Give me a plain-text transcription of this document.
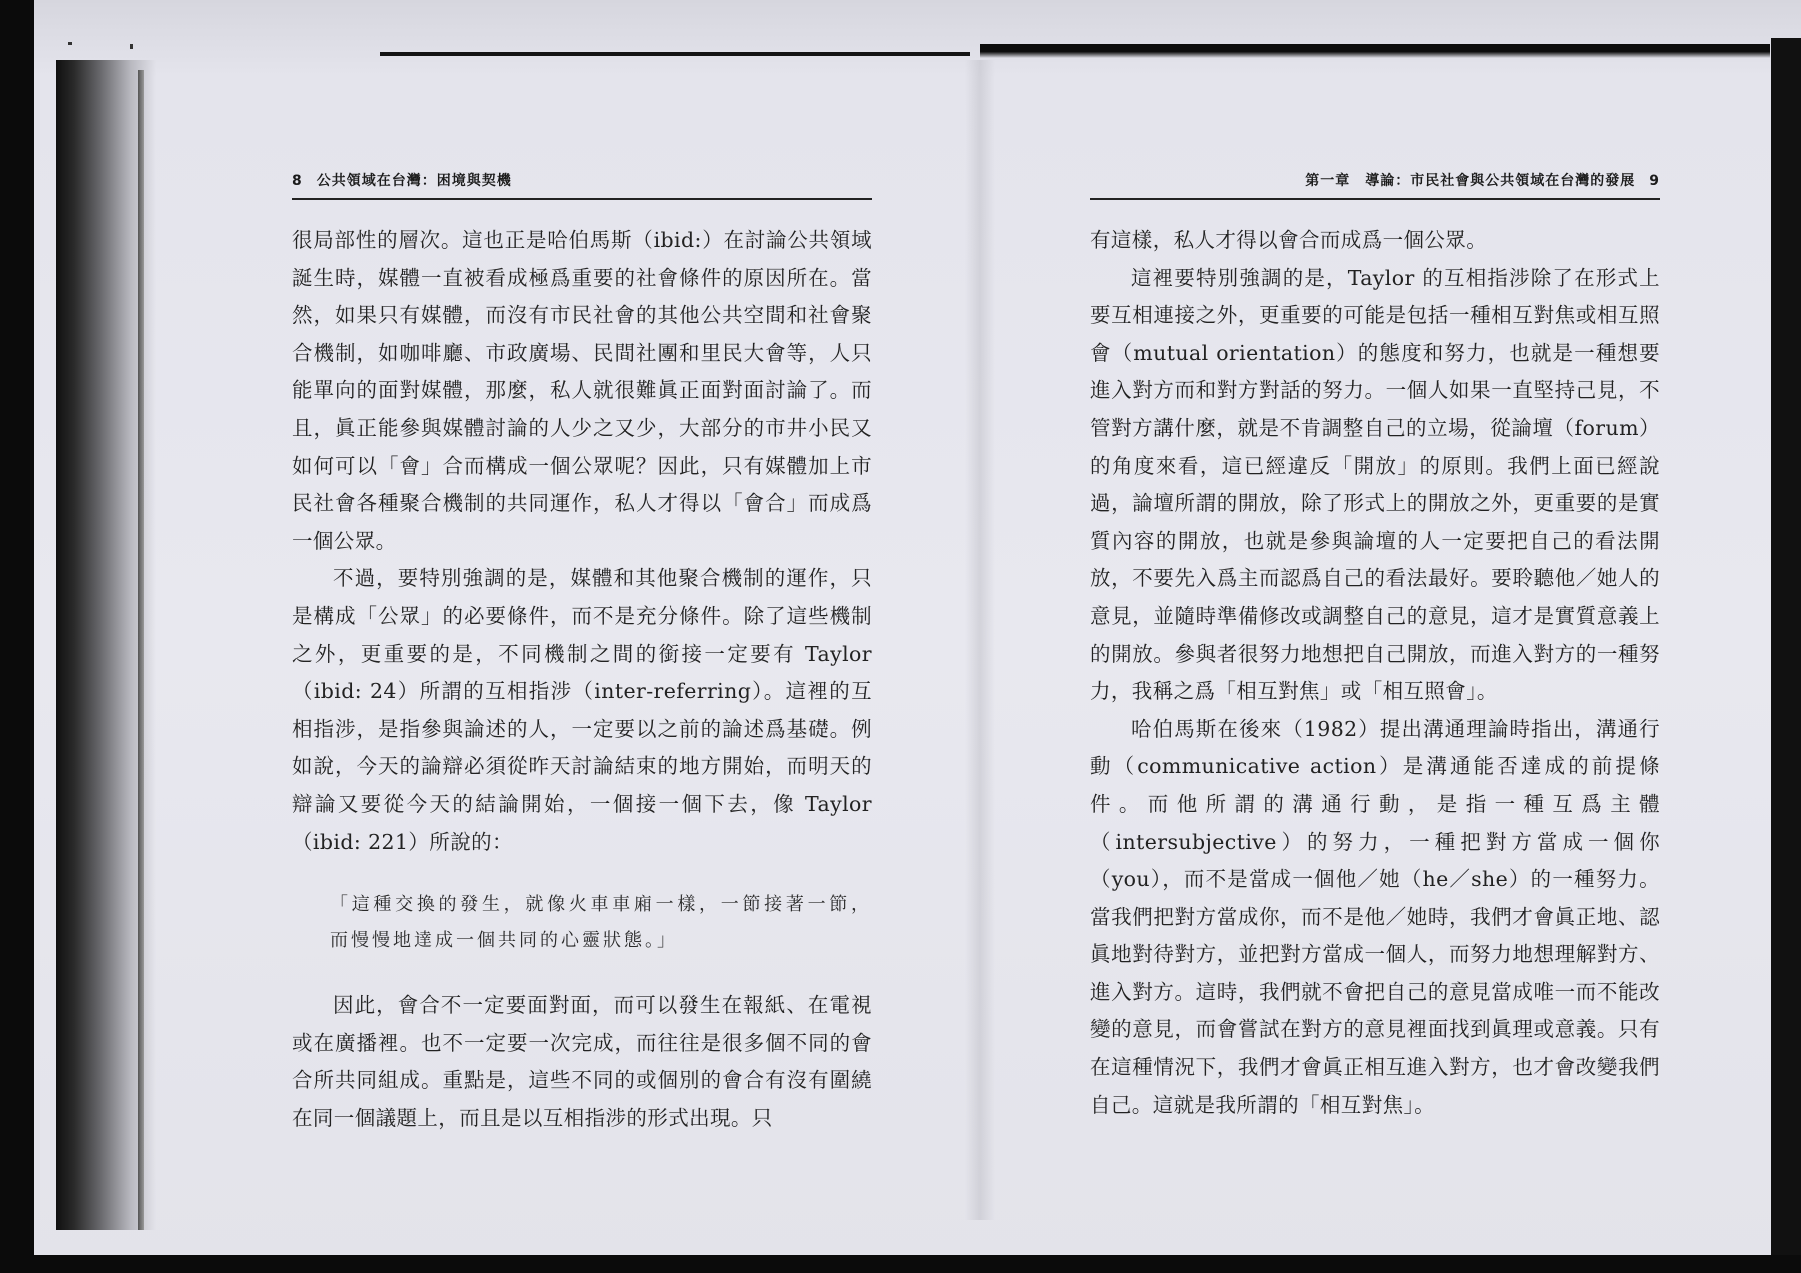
8 公共領域在台灣：困境與契機

很局部性的層次。這也正是哈伯馬斯（ibid:）在討論公共領域誕生時，媒體一直被看成極爲重要的社會條件的原因所在。當然，如果只有媒體，而沒有市民社會的其他公共空間和社會聚合機制，如咖啡廳、市政廣場、民間社團和里民大會等，人只能單向的面對媒體，那麼，私人就很難眞正面對面討論了。而且，眞正能參與媒體討論的人少之又少，大部分的市井小民又如何可以「會」合而構成一個公眾呢？因此，只有媒體加上市民社會各種聚合機制的共同運作，私人才得以「會合」而成爲一個公眾。

不過，要特別強調的是，媒體和其他聚合機制的運作，只是構成「公眾」的必要條件，而不是充分條件。除了這些機制之外，更重要的是，不同機制之間的銜接一定要有 Taylor（ibid: 24）所謂的互相指涉（inter-referring）。這裡的互相指涉，是指參與論述的人，一定要以之前的論述爲基礎。例如說，今天的論辯必須從昨天討論結束的地方開始，而明天的辯論又要從今天的結論開始，一個接一個下去，像 Taylor（ibid: 221）所說的：

「這種交換的發生，就像火車車廂一樣，一節接著一節，而慢慢地達成一個共同的心靈狀態。」

因此，會合不一定要面對面，而可以發生在報紙、在電視或在廣播裡。也不一定要一次完成，而往往是很多個不同的會合所共同組成。重點是，這些不同的或個別的會合有沒有圍繞在同一個議題上，而且是以互相指涉的形式出現。只

第一章　導論：市民社會與公共領域在台灣的發展 9

有這樣，私人才得以會合而成爲一個公眾。

這裡要特別強調的是，Taylor 的互相指涉除了在形式上要互相連接之外，更重要的可能是包括一種相互對焦或相互照會（mutual orientation）的態度和努力，也就是一種想要進入對方而和對方對話的努力。一個人如果一直堅持己見，不管對方講什麼，就是不肯調整自己的立場，從論壇（forum）的角度來看，這已經違反「開放」的原則。我們上面已經說過，論壇所謂的開放，除了形式上的開放之外，更重要的是實質內容的開放，也就是參與論壇的人一定要把自己的看法開放，不要先入爲主而認爲自己的看法最好。要聆聽他／她人的意見，並隨時準備修改或調整自己的意見，這才是實質意義上的開放。參與者很努力地想把自己開放，而進入對方的一種努力，我稱之爲「相互對焦」或「相互照會」。

哈伯馬斯在後來（1982）提出溝通理論時指出，溝通行動（communicative action）是溝通能否達成的前提條件。而他所謂的溝通行動，是指一種互爲主體（intersubjective）的努力，一種把對方當成一個你（you），而不是當成一個他／她（he／she）的一種努力。當我們把對方當成你，而不是他／她時，我們才會眞正地、認眞地對待對方，並把對方當成一個人，而努力地想理解對方、進入對方。這時，我們就不會把自己的意見當成唯一而不能改變的意見，而會嘗試在對方的意見裡面找到眞理或意義。只有在這種情況下，我們才會眞正相互進入對方，也才會改變我們自己。這就是我所謂的「相互對焦」。
